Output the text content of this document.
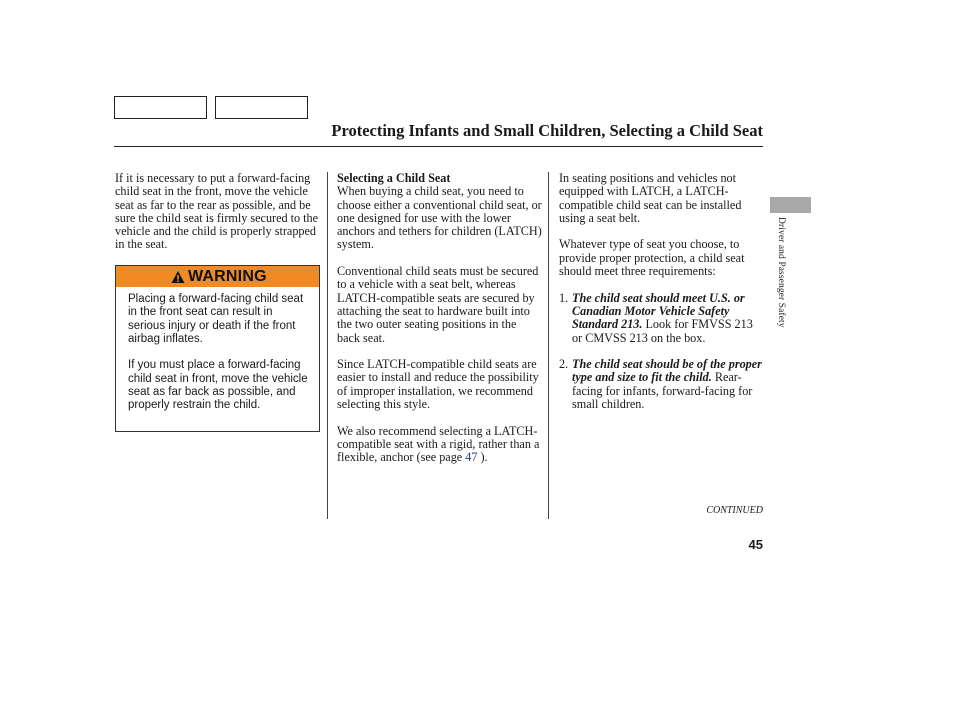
Protecting Infants and Small Children, Selecting a Child Seat

If it is necessary to put a forward-facing child seat in the front, move the vehicle seat as far to the rear as possible, and be sure the child seat is firmly secured to the vehicle and the child is properly strapped in the seat.

WARNING

Placing a forward-facing child seat in the front seat can result in serious injury or death if the front airbag inflates.

If you must place a forward-facing child seat in front, move the vehicle seat as far back as possible, and properly restrain the child.

Selecting a Child Seat

When buying a child seat, you need to choose either a conventional child seat, or one designed for use with the lower anchors and tethers for children (LATCH) system.

Conventional child seats must be secured to a vehicle with a seat belt, whereas LATCH-compatible seats are secured by attaching the seat to hardware built into the two outer seating positions in the back seat.

Since LATCH-compatible child seats are easier to install and reduce the possibility of improper installation, we recommend selecting this style.

We also recommend selecting a LATCH-compatible seat with a rigid, rather than a flexible, anchor (see page 47 ).

In seating positions and vehicles not equipped with LATCH, a LATCH-compatible child seat can be installed using a seat belt.

Whatever type of seat you choose, to provide proper protection, a child seat should meet three requirements:

1. The child seat should meet U.S. or Canadian Motor Vehicle Safety Standard 213. Look for FMVSS 213 or CMVSS 213 on the box.
2. The child seat should be of the proper type and size to fit the child. Rear-facing for infants, forward-facing for small children.
Driver and Passenger Safety
CONTINUED
45
